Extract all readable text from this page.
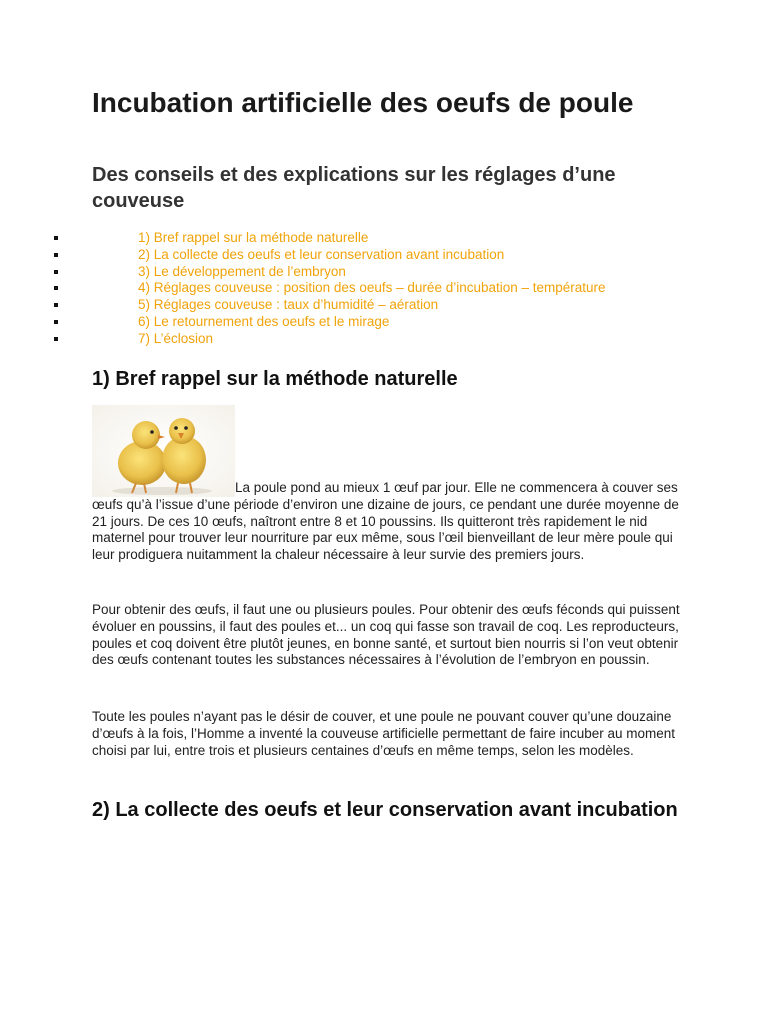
Incubation artificielle des oeufs de poule
Des conseils et des explications sur les réglages d’une couveuse
1) Bref rappel sur la méthode naturelle
2) La collecte des oeufs et leur conservation avant incubation
3) Le développement de l’embryon
4) Réglages couveuse : position des oeufs – durée d’incubation – température
5) Réglages couveuse : taux d’humidité – aération
6) Le retournement des oeufs et le mirage
7) L’éclosion
1) Bref rappel sur la méthode naturelle

La poule pond au mieux 1 œuf par jour. Elle ne commencera à couver ses œufs qu’à l’issue d’une période d’environ une dizaine de jours, ce pendant une durée moyenne de 21 jours. De ces 10 œufs, naîtront entre 8 et 10 poussins. Ils quitteront très rapidement le nid maternel pour trouver leur nourriture par eux même, sous l’œil bienveillant de leur mère poule qui leur prodiguera nuitamment la chaleur nécessaire à leur survie des premiers jours.

Pour obtenir des œufs, il faut une ou plusieurs poules. Pour obtenir des œufs féconds qui puissent évoluer en poussins, il faut des poules et... un coq qui fasse son travail de coq. Les reproducteurs, poules et coq doivent être plutôt jeunes, en bonne santé, et surtout bien nourris si l’on veut obtenir des œufs contenant toutes les substances nécessaires à l’évolution de l’embryon en poussin.

Toute les poules n’ayant pas le désir de couver, et une poule ne pouvant couver qu’une douzaine d’œufs à la fois, l’Homme a inventé la couveuse artificielle permettant de faire incuber au moment choisi par lui, entre trois et plusieurs centaines d’œufs en même temps, selon les modèles.

2) La collecte des oeufs et leur conservation avant incubation
